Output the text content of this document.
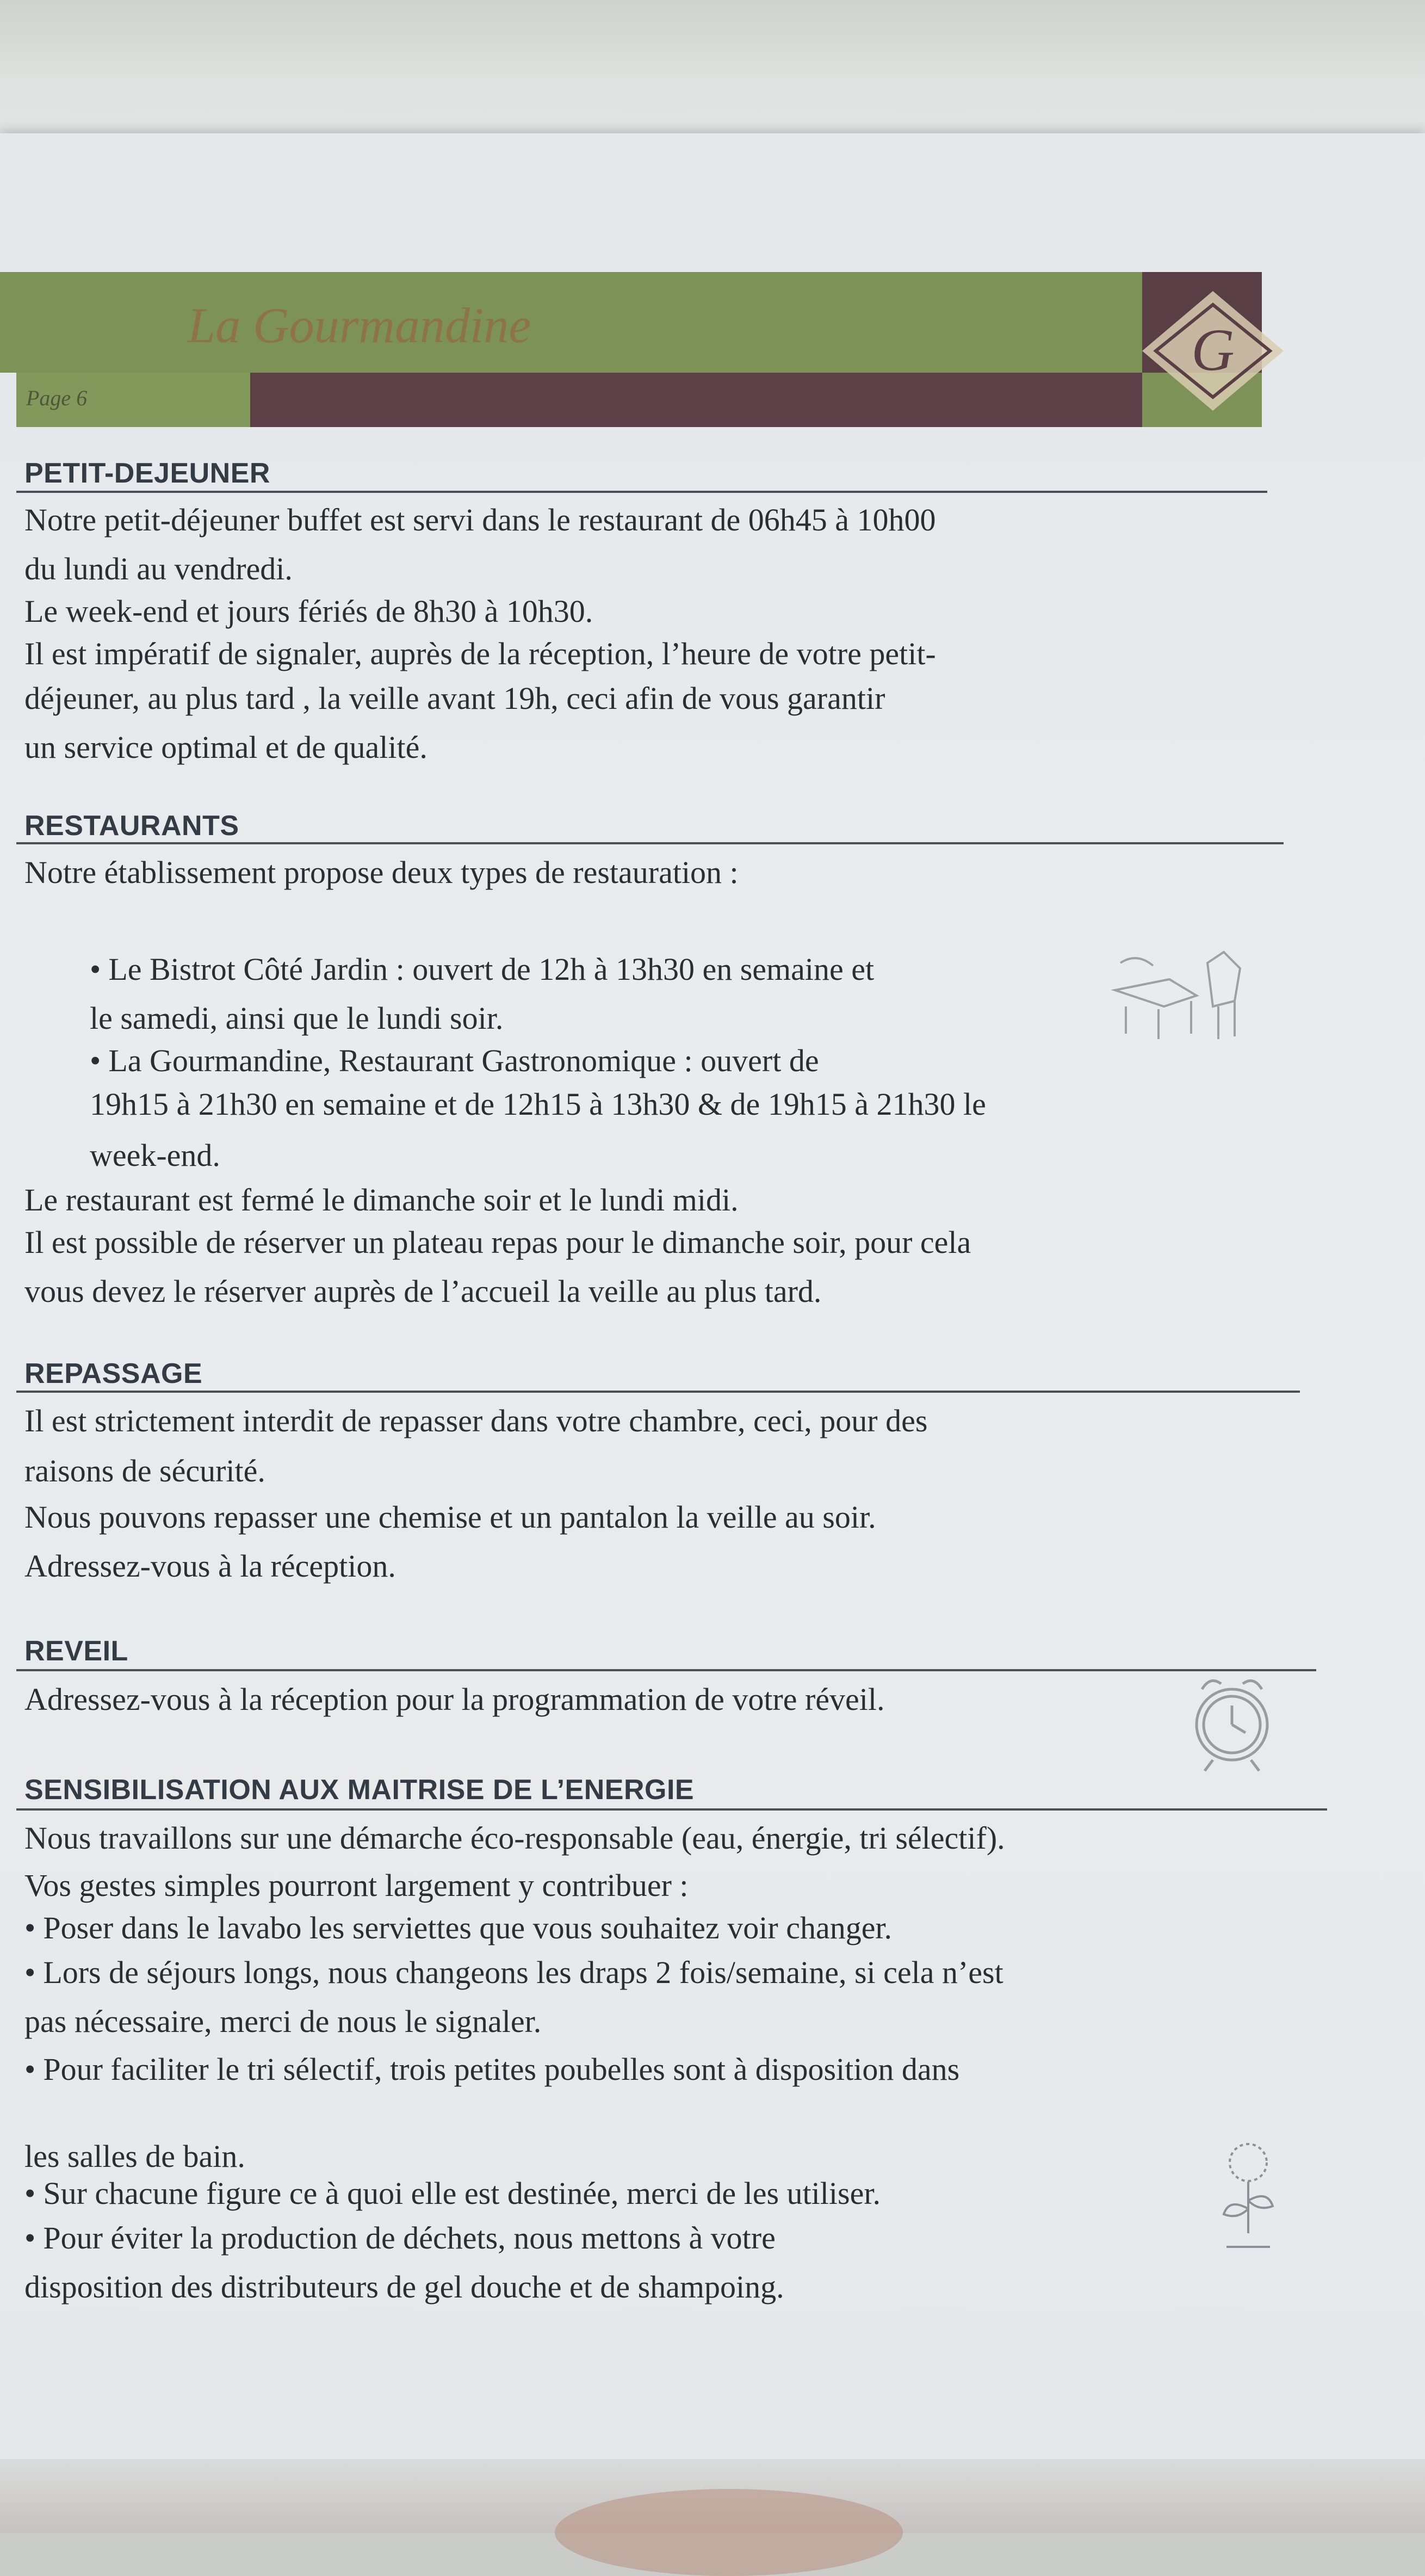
G
La Gourmandine
Page 6
PETIT-DEJEUNER
Notre petit-déjeuner buffet est servi dans le restaurant de 06h45 à 10h00
du lundi au vendredi.
Le week-end et jours fériés de 8h30 à 10h30.
Il est impératif de signaler, auprès de la réception, l’heure de votre petit-
déjeuner, au plus tard , la veille avant 19h, ceci afin de vous garantir
un service optimal et de qualité.
RESTAURANTS
Notre établissement propose deux types de restauration :
• Le Bistrot Côté Jardin : ouvert de 12h à 13h30 en semaine et
le samedi, ainsi que le lundi soir.
• La Gourmandine, Restaurant Gastronomique : ouvert de
19h15 à 21h30 en semaine et de 12h15 à 13h30 & de 19h15 à 21h30 le
week-end.
Le restaurant est fermé le dimanche soir et le lundi midi.
Il est possible de réserver un plateau repas pour le dimanche soir, pour cela
vous devez le réserver auprès de l’accueil la veille au plus tard.
REPASSAGE
Il est strictement interdit de repasser dans votre chambre, ceci, pour des
raisons de sécurité.
Nous pouvons repasser une chemise et un pantalon la veille au soir.
Adressez-vous à la réception.
REVEIL
Adressez-vous à la réception pour la programmation de votre réveil.
SENSIBILISATION AUX MAITRISE DE L’ENERGIE
Nous travaillons sur une démarche éco-responsable (eau, énergie, tri sélectif).
Vos gestes simples pourront largement y contribuer :
• Poser dans le lavabo les serviettes que vous souhaitez voir changer.
• Lors de séjours longs, nous changeons les draps 2 fois/semaine, si cela n’est
pas nécessaire, merci de nous le signaler.
• Pour faciliter le tri sélectif, trois petites poubelles sont à disposition dans
les salles de bain.
• Sur chacune figure ce à quoi elle est destinée, merci de les utiliser.
• Pour éviter la production de déchets, nous mettons à votre
disposition des distributeurs de gel douche et de shampoing.
